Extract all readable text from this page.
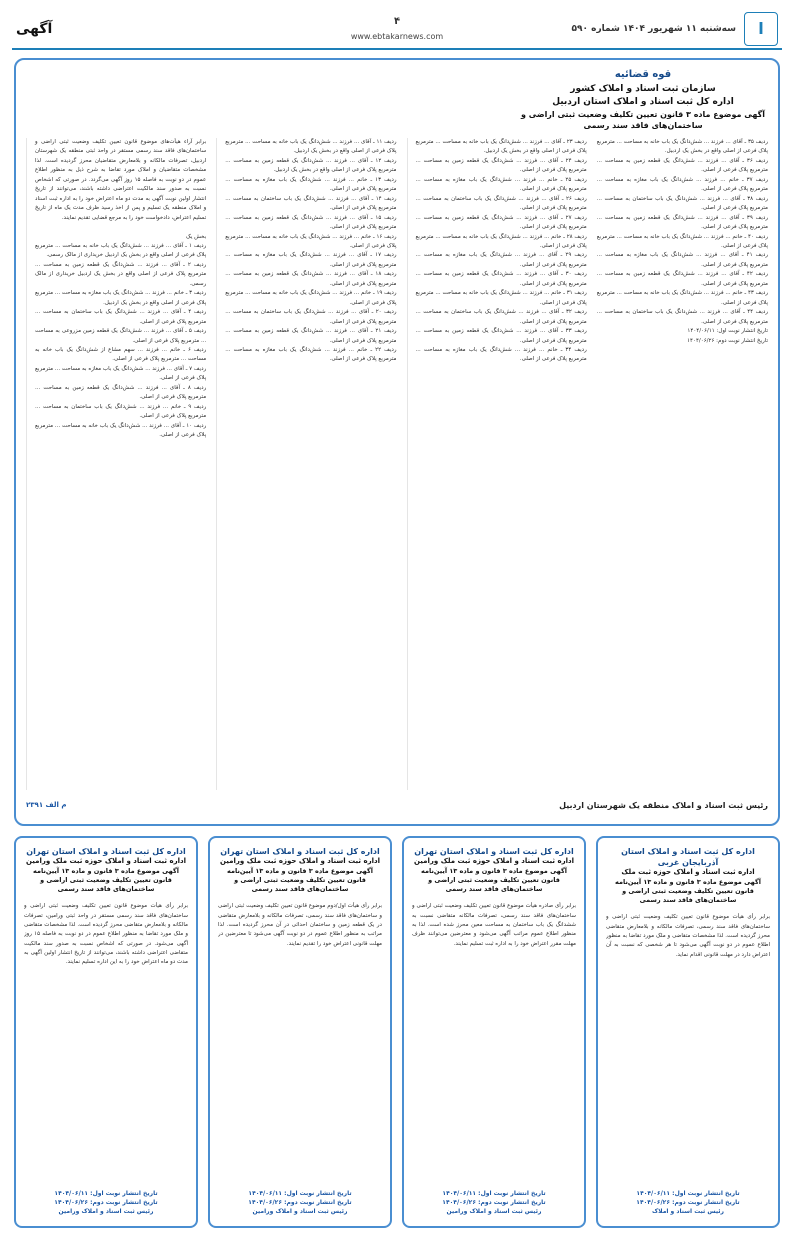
ا
سه‌شنبه ۱۱ شهریور ۱۴۰۴ شماره ۵۹۰
۴
www.ebtakarnews.com
آگهی
قوه قضائیه
سازمان ثبت اسناد و املاک کشور
اداره کل ثبت اسناد و املاک استان اردبیل
آگهی موضوع ماده ۳ قانون تعیین تکلیف وضعیت ثبتی اراضی و ساختمان‌های فاقد سند رسمی
برابر آراء هیأت‌های موضوع قانون تعیین تکلیف وضعیت ثبتی اراضی و ساختمان‌های فاقد سند رسمی مستقر در واحد ثبتی منطقه یک شهرستان اردبیل، تصرفات مالکانه و بلامعارض متقاضیان محرز گردیده است. لذا مشخصات متقاضیان و املاک مورد تقاضا به شرح ذیل به منظور اطلاع عموم در دو نوبت به فاصله ۱۵ روز آگهی می‌گردد. در صورتی که اشخاص نسبت به صدور سند مالکیت اعتراضی داشته باشند، می‌توانند از تاریخ انتشار اولین نوبت آگهی به مدت دو ماه اعتراض خود را به اداره ثبت اسناد و املاک منطقه یک تسلیم و پس از اخذ رسید ظرف مدت یک ماه از تاریخ تسلیم اعتراض، دادخواست خود را به مرجع قضایی تقدیم نمایند.

بخش یک
ردیف ۱ ـ آقای ... فرزند ... شش‌دانگ یک باب خانه به مساحت ... مترمربع پلاک فرعی از اصلی واقع در بخش یک اردبیل خریداری از مالک رسمی.
ردیف ۲ ـ آقای ... فرزند ... شش‌دانگ یک قطعه زمین به مساحت ... مترمربع پلاک فرعی از اصلی واقع در بخش یک اردبیل خریداری از مالک رسمی.
ردیف ۳ ـ خانم ... فرزند ... شش‌دانگ یک باب مغازه به مساحت ... مترمربع پلاک فرعی از اصلی واقع در بخش یک اردبیل.
ردیف ۴ ـ آقای ... فرزند ... شش‌دانگ یک باب ساختمان به مساحت ... مترمربع پلاک فرعی از اصلی.
ردیف ۵ ـ آقای ... فرزند ... شش‌دانگ یک قطعه زمین مزروعی به مساحت ... مترمربع پلاک فرعی از اصلی.
ردیف ۶ ـ خانم ... فرزند ... سهم مشاع از شش‌دانگ یک باب خانه به مساحت ... مترمربع پلاک فرعی از اصلی.
ردیف ۷ ـ آقای ... فرزند ... شش‌دانگ یک باب مغازه به مساحت ... مترمربع پلاک فرعی از اصلی.
ردیف ۸ ـ آقای ... فرزند ... شش‌دانگ یک قطعه زمین به مساحت ... مترمربع پلاک فرعی از اصلی.
ردیف ۹ ـ خانم ... فرزند ... شش‌دانگ یک باب ساختمان به مساحت ... مترمربع پلاک فرعی از اصلی.
ردیف ۱۰ ـ آقای ... فرزند ... شش‌دانگ یک باب خانه به مساحت ... مترمربع پلاک فرعی از اصلی.
ردیف ۱۱ ـ آقای ... فرزند ... شش‌دانگ یک باب خانه به مساحت ... مترمربع پلاک فرعی از اصلی واقع در بخش یک اردبیل.
ردیف ۱۲ ـ آقای ... فرزند ... شش‌دانگ یک قطعه زمین به مساحت ... مترمربع پلاک فرعی از اصلی واقع در بخش یک اردبیل.
ردیف ۱۳ ـ خانم ... فرزند ... شش‌دانگ یک باب مغازه به مساحت ... مترمربع پلاک فرعی از اصلی.
ردیف ۱۴ ـ آقای ... فرزند ... شش‌دانگ یک باب ساختمان به مساحت ... مترمربع پلاک فرعی از اصلی.
ردیف ۱۵ ـ آقای ... فرزند ... شش‌دانگ یک قطعه زمین به مساحت ... مترمربع پلاک فرعی از اصلی.
ردیف ۱۶ ـ خانم ... فرزند ... شش‌دانگ یک باب خانه به مساحت ... مترمربع پلاک فرعی از اصلی.
ردیف ۱۷ ـ آقای ... فرزند ... شش‌دانگ یک باب مغازه به مساحت ... مترمربع پلاک فرعی از اصلی.
ردیف ۱۸ ـ آقای ... فرزند ... شش‌دانگ یک قطعه زمین به مساحت ... مترمربع پلاک فرعی از اصلی.
ردیف ۱۹ ـ خانم ... فرزند ... شش‌دانگ یک باب خانه به مساحت ... مترمربع پلاک فرعی از اصلی.
ردیف ۲۰ ـ آقای ... فرزند ... شش‌دانگ یک باب ساختمان به مساحت ... مترمربع پلاک فرعی از اصلی.
ردیف ۲۱ ـ آقای ... فرزند ... شش‌دانگ یک قطعه زمین به مساحت ... مترمربع پلاک فرعی از اصلی.
ردیف ۲۲ ـ خانم ... فرزند ... شش‌دانگ یک باب مغازه به مساحت ... مترمربع پلاک فرعی از اصلی.
ردیف ۲۳ ـ آقای ... فرزند ... شش‌دانگ یک باب خانه به مساحت ... مترمربع پلاک فرعی از اصلی واقع در بخش یک اردبیل.
ردیف ۲۴ ـ آقای ... فرزند ... شش‌دانگ یک قطعه زمین به مساحت ... مترمربع پلاک فرعی از اصلی.
ردیف ۲۵ ـ خانم ... فرزند ... شش‌دانگ یک باب مغازه به مساحت ... مترمربع پلاک فرعی از اصلی.
ردیف ۲۶ ـ آقای ... فرزند ... شش‌دانگ یک باب ساختمان به مساحت ... مترمربع پلاک فرعی از اصلی.
ردیف ۲۷ ـ آقای ... فرزند ... شش‌دانگ یک قطعه زمین به مساحت ... مترمربع پلاک فرعی از اصلی.
ردیف ۲۸ ـ خانم ... فرزند ... شش‌دانگ یک باب خانه به مساحت ... مترمربع پلاک فرعی از اصلی.
ردیف ۲۹ ـ آقای ... فرزند ... شش‌دانگ یک باب مغازه به مساحت ... مترمربع پلاک فرعی از اصلی.
ردیف ۳۰ ـ آقای ... فرزند ... شش‌دانگ یک قطعه زمین به مساحت ... مترمربع پلاک فرعی از اصلی.
ردیف ۳۱ ـ خانم ... فرزند ... شش‌دانگ یک باب خانه به مساحت ... مترمربع پلاک فرعی از اصلی.
ردیف ۳۲ ـ آقای ... فرزند ... شش‌دانگ یک باب ساختمان به مساحت ... مترمربع پلاک فرعی از اصلی.
ردیف ۳۳ ـ آقای ... فرزند ... شش‌دانگ یک قطعه زمین به مساحت ... مترمربع پلاک فرعی از اصلی.
ردیف ۳۴ ـ خانم ... فرزند ... شش‌دانگ یک باب مغازه به مساحت ... مترمربع پلاک فرعی از اصلی.
ردیف ۳۵ ـ آقای ... فرزند ... شش‌دانگ یک باب خانه به مساحت ... مترمربع پلاک فرعی از اصلی واقع در بخش یک اردبیل.
ردیف ۳۶ ـ آقای ... فرزند ... شش‌دانگ یک قطعه زمین به مساحت ... مترمربع پلاک فرعی از اصلی.
ردیف ۳۷ ـ خانم ... فرزند ... شش‌دانگ یک باب مغازه به مساحت ... مترمربع پلاک فرعی از اصلی.
ردیف ۳۸ ـ آقای ... فرزند ... شش‌دانگ یک باب ساختمان به مساحت ... مترمربع پلاک فرعی از اصلی.
ردیف ۳۹ ـ آقای ... فرزند ... شش‌دانگ یک قطعه زمین به مساحت ... مترمربع پلاک فرعی از اصلی.
ردیف ۴۰ ـ خانم ... فرزند ... شش‌دانگ یک باب خانه به مساحت ... مترمربع پلاک فرعی از اصلی.
ردیف ۴۱ ـ آقای ... فرزند ... شش‌دانگ یک باب مغازه به مساحت ... مترمربع پلاک فرعی از اصلی.
ردیف ۴۲ ـ آقای ... فرزند ... شش‌دانگ یک قطعه زمین به مساحت ... مترمربع پلاک فرعی از اصلی.
ردیف ۴۳ ـ خانم ... فرزند ... شش‌دانگ یک باب خانه به مساحت ... مترمربع پلاک فرعی از اصلی.
ردیف ۴۴ ـ آقای ... فرزند ... شش‌دانگ یک باب ساختمان به مساحت ... مترمربع پلاک فرعی از اصلی.
تاریخ انتشار نوبت اول: ۱۴۰۴/۰۶/۱۱
تاریخ انتشار نوبت دوم: ۱۴۰۴/۰۶/۲۶
رئیس ثبت اسناد و املاک منطقه یک شهرستان اردبیل
م الف ۲۳۹۱
اداره کل ثبت اسناد و املاک استان تهران
اداره ثبت اسناد و املاک حوزه ثبت ملک ورامین
آگهی موضوع ماده ۳ قانون و ماده ۱۳ آیین‌نامه قانون تعیین تکلیف وضعیت ثبتی اراضی و ساختمان‌های فاقد سند رسمی
برابر رأی هیأت موضوع قانون تعیین تکلیف وضعیت ثبتی اراضی و ساختمان‌های فاقد سند رسمی مستقر در واحد ثبتی ورامین، تصرفات مالکانه و بلامعارض متقاضی محرز گردیده است. لذا مشخصات متقاضی و ملک مورد تقاضا به منظور اطلاع عموم در دو نوبت به فاصله ۱۵ روز آگهی می‌شود. در صورتی که اشخاص نسبت به صدور سند مالکیت متقاضی اعتراضی داشته باشند، می‌توانند از تاریخ انتشار اولین آگهی به مدت دو ماه اعتراض خود را به این اداره تسلیم نمایند.
تاریخ انتشار نوبت اول: ۱۴۰۴/۰۶/۱۱
تاریخ انتشار نوبت دوم: ۱۴۰۴/۰۶/۲۶
رئیس ثبت اسناد و املاک ورامین
اداره کل ثبت اسناد و املاک استان تهران
اداره ثبت اسناد و املاک حوزه ثبت ملک ورامین
آگهی موضوع ماده ۳ قانون و ماده ۱۳ آیین‌نامه قانون تعیین تکلیف وضعیت ثبتی اراضی و ساختمان‌های فاقد سند رسمی
برابر رأی هیأت اول/دوم موضوع قانون تعیین تکلیف وضعیت ثبتی اراضی و ساختمان‌های فاقد سند رسمی، تصرفات مالکانه و بلامعارض متقاضی در یک قطعه زمین و ساختمان احداثی در آن محرز گردیده است. لذا مراتب به منظور اطلاع عموم در دو نوبت آگهی می‌شود تا معترضین در مهلت قانونی اعتراض خود را تقدیم نمایند.
تاریخ انتشار نوبت اول: ۱۴۰۴/۰۶/۱۱
تاریخ انتشار نوبت دوم: ۱۴۰۴/۰۶/۲۶
رئیس ثبت اسناد و املاک ورامین
اداره کل ثبت اسناد و املاک استان تهران
اداره ثبت اسناد و املاک حوزه ثبت ملک ورامین
آگهی موضوع ماده ۳ قانون و ماده ۱۳ آیین‌نامه قانون تعیین تکلیف وضعیت ثبتی اراضی و ساختمان‌های فاقد سند رسمی
برابر رأی صادره هیأت موضوع قانون تعیین تکلیف وضعیت ثبتی اراضی و ساختمان‌های فاقد سند رسمی، تصرفات مالکانه متقاضی نسبت به ششدانگ یک باب ساختمان به مساحت معین محرز شده است. لذا به منظور اطلاع عموم مراتب آگهی می‌شود و معترضین می‌توانند ظرف مهلت مقرر اعتراض خود را به اداره ثبت تسلیم نمایند.
تاریخ انتشار نوبت اول: ۱۴۰۴/۰۶/۱۱
تاریخ انتشار نوبت دوم: ۱۴۰۴/۰۶/۲۶
رئیس ثبت اسناد و املاک ورامین
اداره کل ثبت اسناد و املاک استان آذربایجان غربی
اداره ثبت اسناد و املاک حوزه ثبت ملک
آگهی موضوع ماده ۳ قانون و ماده ۱۳ آیین‌نامه قانون تعیین تکلیف وضعیت ثبتی اراضی و ساختمان‌های فاقد سند رسمی
برابر رأی هیأت موضوع قانون تعیین تکلیف وضعیت ثبتی اراضی و ساختمان‌های فاقد سند رسمی، تصرفات مالکانه و بلامعارض متقاضی محرز گردیده است. لذا مشخصات متقاضی و ملک مورد تقاضا به منظور اطلاع عموم در دو نوبت آگهی می‌شود تا هر شخصی که نسبت به آن اعتراض دارد در مهلت قانونی اقدام نماید.
تاریخ انتشار نوبت اول: ۱۴۰۴/۰۶/۱۱
تاریخ انتشار نوبت دوم: ۱۴۰۴/۰۶/۲۶
رئیس ثبت اسناد و املاک
